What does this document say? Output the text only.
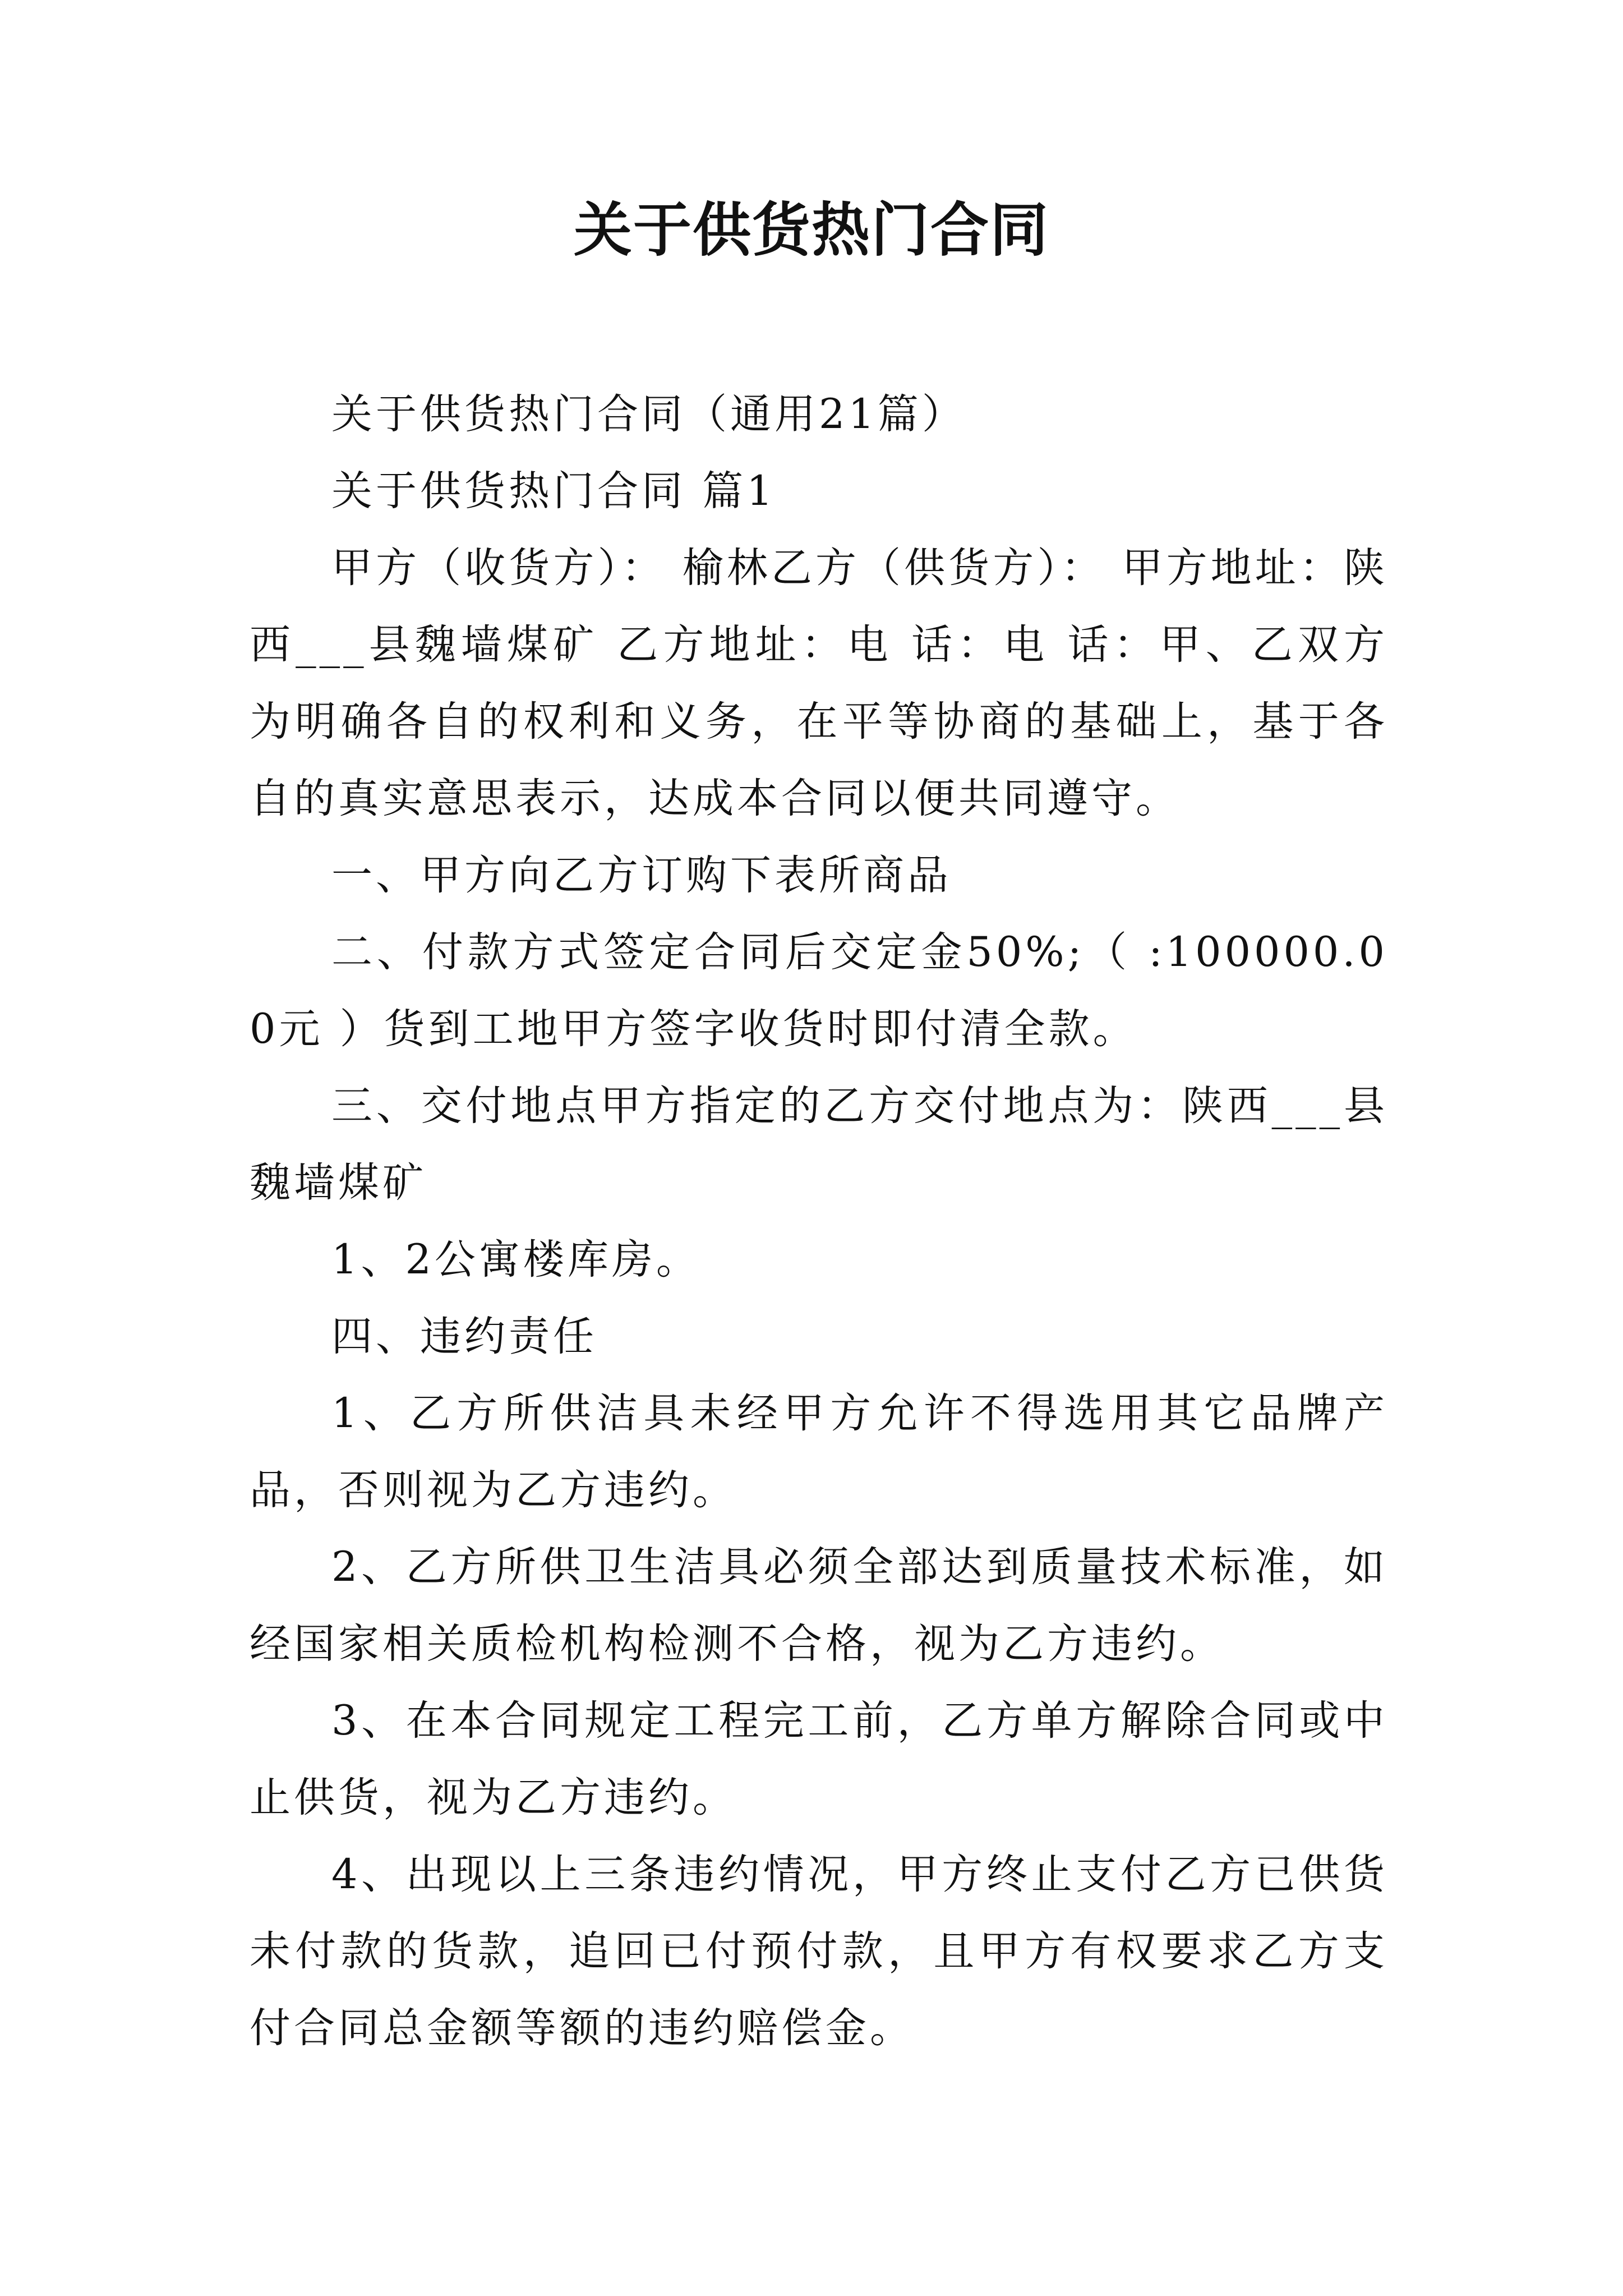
关于供货热门合同

关于供货热门合同（通用21篇）

关于供货热门合同 篇1

甲方（收货方）： 榆林乙方（供货方）： 甲方地址：陕西___县魏墙煤矿 乙方地址：电 话：电 话：甲、乙双方为明确各自的权利和义务，在平等协商的基础上，基于各自的真实意思表示，达成本合同以便共同遵守。

一、甲方向乙方订购下表所商品

二、付款方式签定合同后交定金50%;（ :100000.00元 ）货到工地甲方签字收货时即付清全款。

三、交付地点甲方指定的乙方交付地点为：陕西___县魏墙煤矿

1、2公寓楼库房。

四、违约责任

1、乙方所供洁具未经甲方允许不得选用其它品牌产品，否则视为乙方违约。

2、乙方所供卫生洁具必须全部达到质量技术标准，如经国家相关质检机构检测不合格，视为乙方违约。

3、在本合同规定工程完工前，乙方单方解除合同或中止供货，视为乙方违约。

4、出现以上三条违约情况，甲方终止支付乙方已供货未付款的货款，追回已付预付款，且甲方有权要求乙方支付合同总金额等额的违约赔偿金。
